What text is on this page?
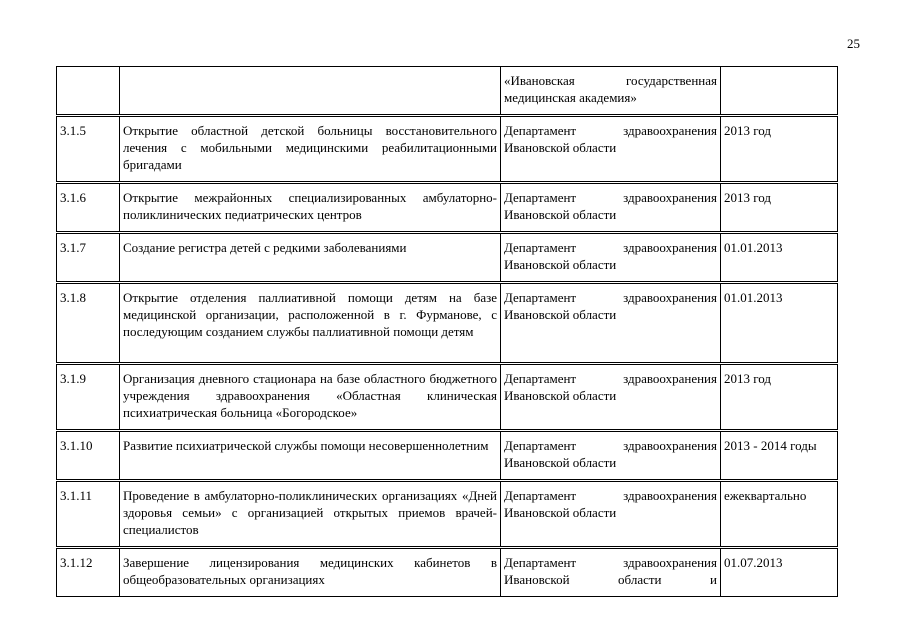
25
		«Ивановская государственная медицинская академия»	
3.1.5	Открытие областной детской больницы восстановительного лечения с мобильными медицинскими реабилитационными бригадами	Департамент здравоохранения Ивановской области	2013 год
3.1.6	Открытие межрайонных специализированных амбулаторно-поликлинических педиатрических центров	Департамент здравоохранения Ивановской области	2013 год
3.1.7	Создание регистра детей с редкими заболеваниями	Департамент здравоохранения Ивановской области	01.01.2013
3.1.8	Открытие отделения паллиативной помощи детям на базе медицинской организации, расположенной в г. Фурманове, с последующим созданием службы паллиативной помощи детям	Департамент здравоохранения Ивановской области	01.01.2013
3.1.9	Организация дневного стационара на базе областного бюджетного учреждения здравоохранения «Областная клиническая психиатрическая больница «Богородское»	Департамент здравоохранения Ивановской области	2013 год
3.1.10	Развитие психиатрической службы помощи несовершеннолетним	Департамент здравоохранения Ивановской области	2013 - 2014 годы
3.1.11	Проведение в амбулаторно-поликлинических организациях «Дней здоровья семьи» с организацией открытых приемов врачей-специалистов	Департамент здравоохранения Ивановской области	ежеквартально
3.1.12	Завершение лицензирования медицинских кабинетов в общеобразовательных организациях	Департамент здравоохранения Ивановской области и	01.07.2013
